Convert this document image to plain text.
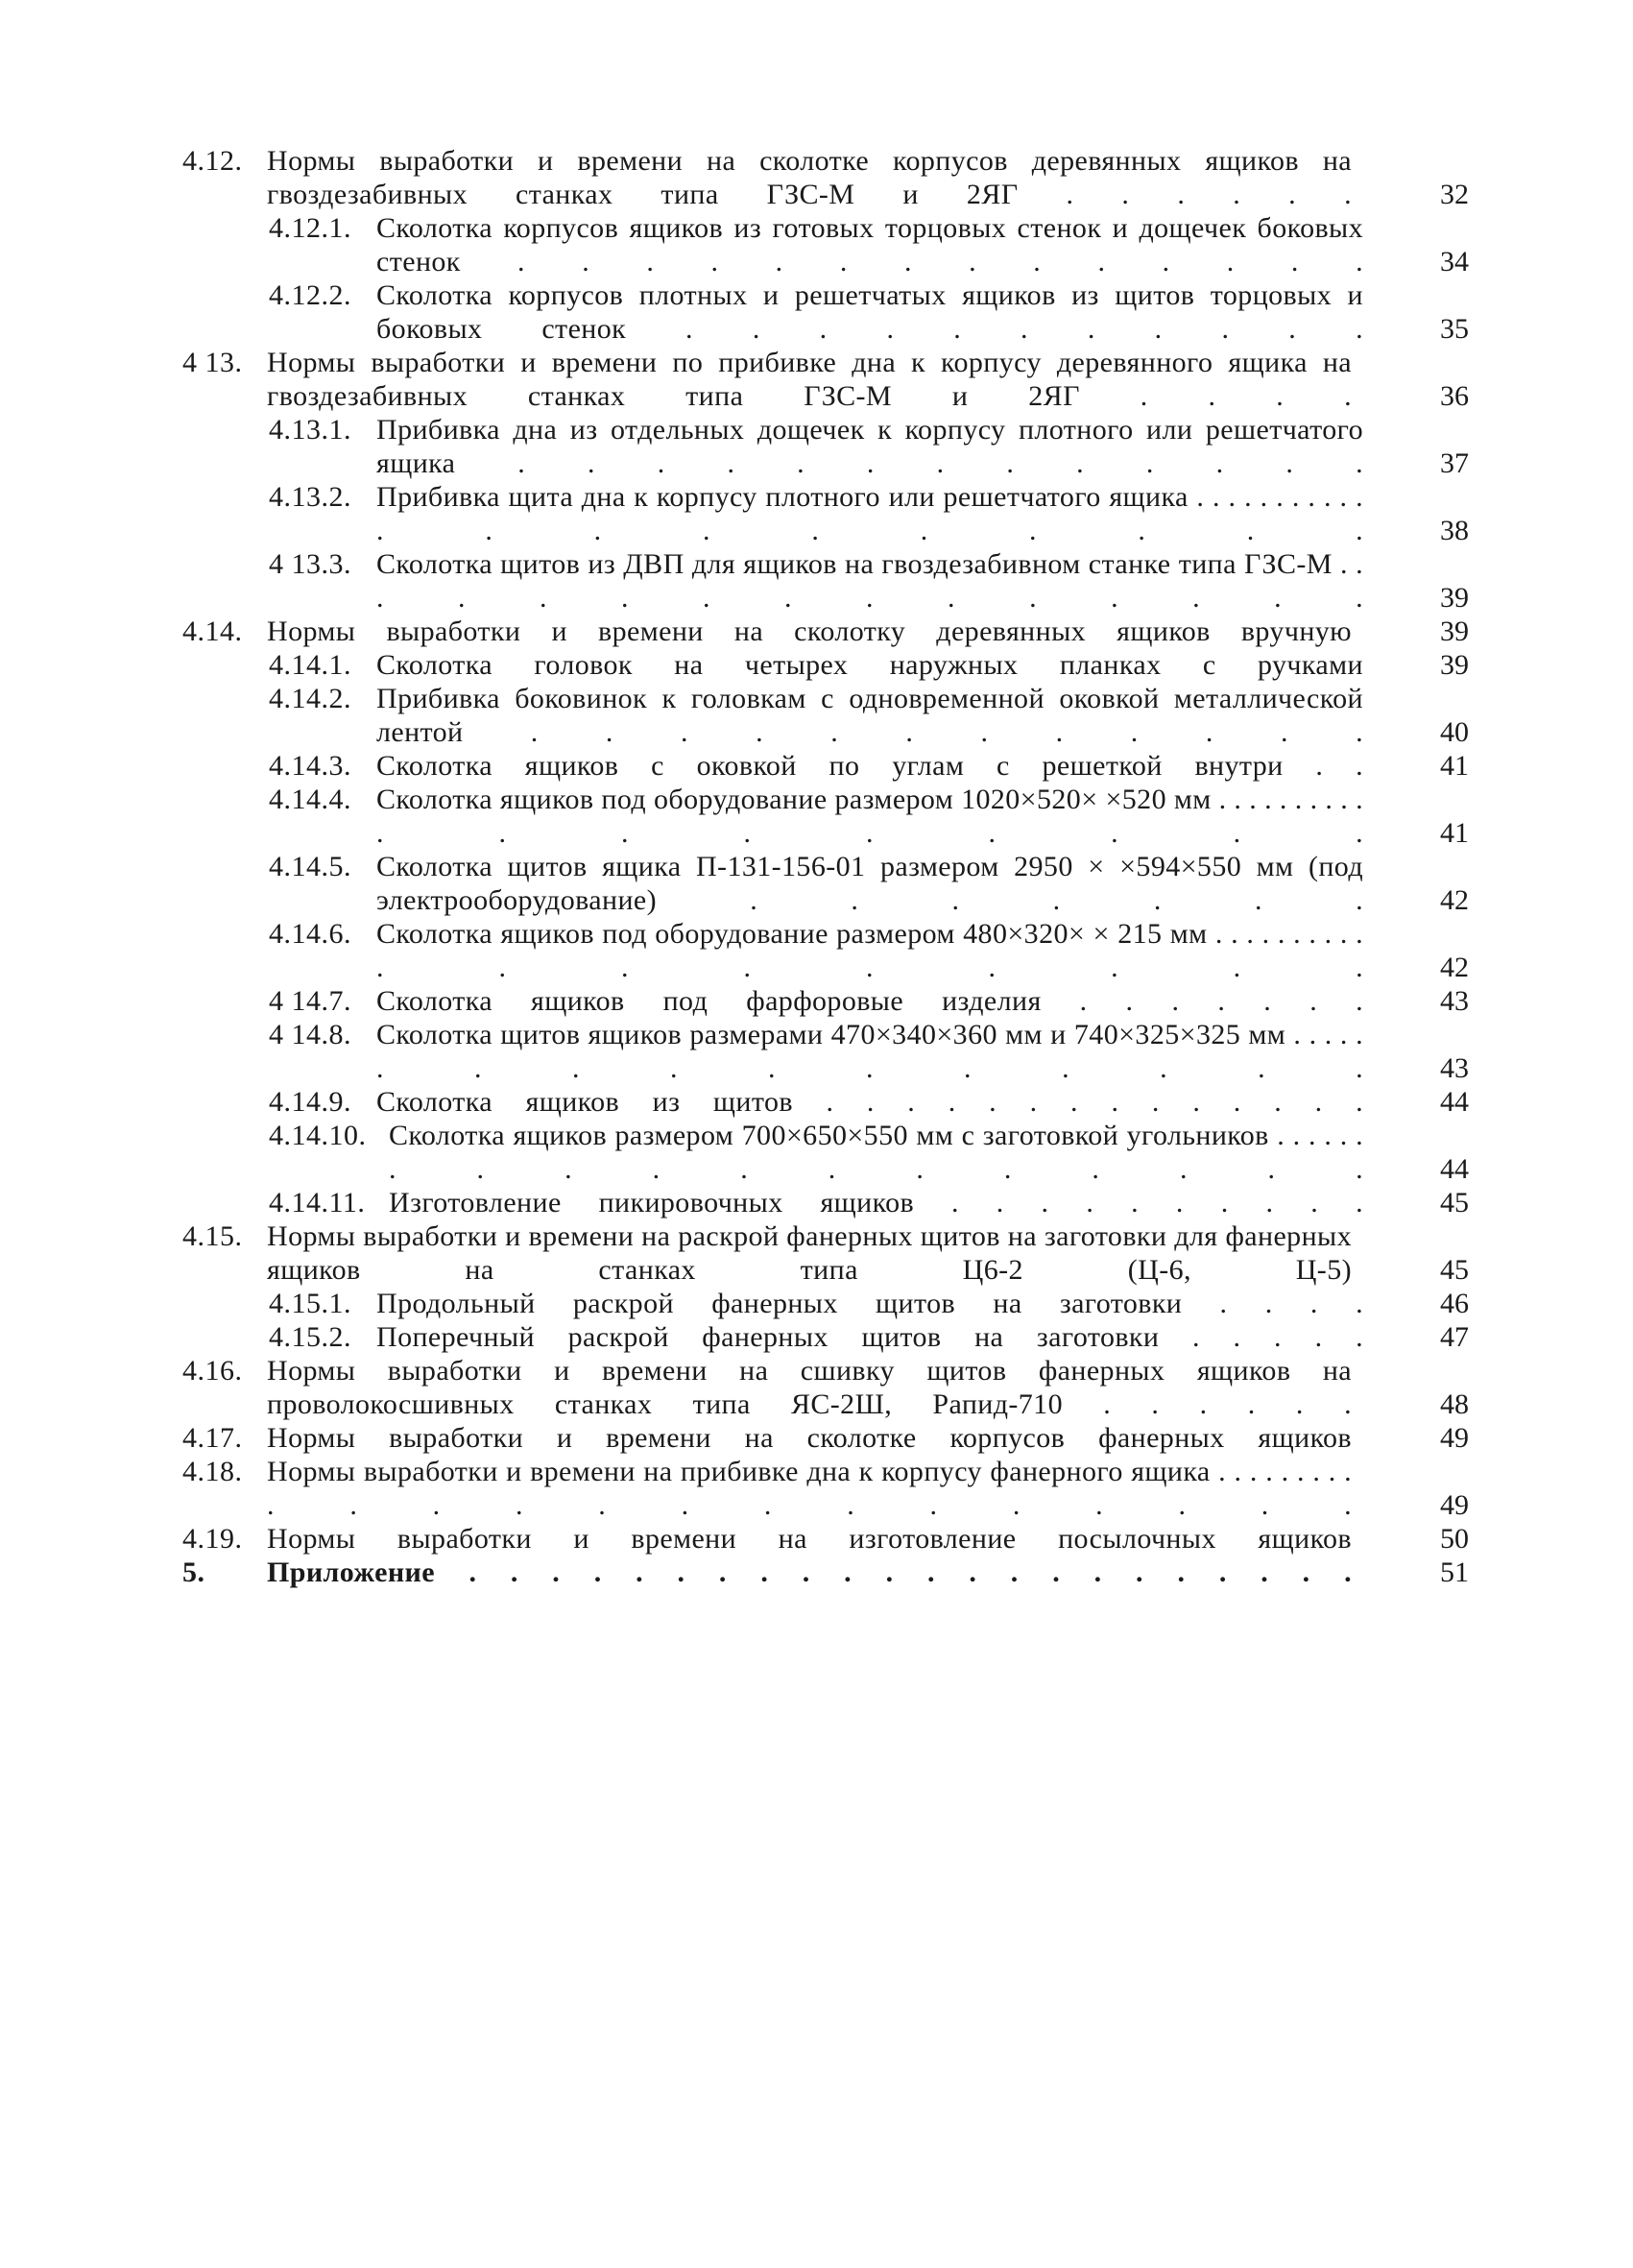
4.12. Нормы выработки и времени на сколотке корпусов деревянных ящиков на гвоздезабивных станках типа ГЗС-М и 2ЯГ . . . . . .	32
4.12.1. Сколотка корпусов ящиков из готовых торцовых стенок и дощечек боковых стенок . . . . . . . . . . . . . .	34
4.12.2. Сколотка корпусов плотных и решетчатых ящиков из щитов торцовых и боковых стенок . . . . . . . . . . .	35
4 13. Нормы выработки и времени по прибивке дна к корпусу деревянного ящика на гвоздезабивных станках типа ГЗС-М и 2ЯГ . . . .	36
4.13.1. Прибивка дна из отдельных дощечек к корпусу плотного или решетчатого ящика . . . . . . . . . . . . .	37
4.13.2. Прибивка щита дна к корпусу плотного или решетчатого ящика . . . . . . . . . . . . . . . . . . . . .	38
4 13.3. Сколотка щитов из ДВП для ящиков на гвоздезабивном станке типа ГЗС-М . . . . . . . . . . . . . . .	39
4.14. Нормы выработки и времени на сколотку деревянных ящиков вручную	39
4.14.1. Сколотка головок на четырех наружных планках с ручками	39
4.14.2. Прибивка боковинок к головкам с одновременной оковкой металлической лентой . . . . . . . . . . . .	40
4.14.3. Сколотка ящиков с оковкой по углам с решеткой внутри . .	41
4.14.4. Сколотка ящиков под оборудование размером 1020×520× ×520 мм . . . . . . . . . . . . . . . . . . .	41
4.14.5. Сколотка щитов ящика П-131-156-01 размером 2950 × ×594×550 мм (под электрооборудование) . . . . . . .	42
4.14.6. Сколотка ящиков под оборудование размером 480×320× × 215 мм . . . . . . . . . . . . . . . . . . .	42
4 14.7. Сколотка ящиков под фарфоровые изделия . . . . . . .	43
4 14.8. Сколотка щитов ящиков размерами 470×340×360 мм и 740×325×325 мм . . . . . . . . . . . . . . . .	43
4.14.9. Сколотка ящиков из щитов . . . . . . . . . . . . . .	44
4.14.10. Сколотка ящиков размером 700×650×550 мм с заготовкой угольников . . . . . . . . . . . . . . . . . .	44
4.14.11. Изготовление пикировочных ящиков . . . . . . . . . .	45
4.15. Нормы выработки и времени на раскрой фанерных щитов на заготовки для фанерных ящиков на станках типа Ц6-2 (Ц-6, Ц-5)	45
4.15.1. Продольный раскрой фанерных щитов на заготовки . . . .	46
4.15.2. Поперечный раскрой фанерных щитов на заготовки . . . . .	47
4.16. Нормы выработки и времени на сшивку щитов фанерных ящиков на проволокосшивных станках типа ЯС-2Ш, Рапид-710 . . . . . .	48
4.17. Нормы выработки и времени на сколотке корпусов фанерных ящиков	49
4.18. Нормы выработки и времени на прибивке дна к корпусу фанерного ящика . . . . . . . . . . . . . . . . . . . . . . .	49
4.19. Нормы выработки и времени на изготовление посылочных ящиков	50
5.	Приложение . . . . . . . . . . . . . . . . . . . . . .	51
